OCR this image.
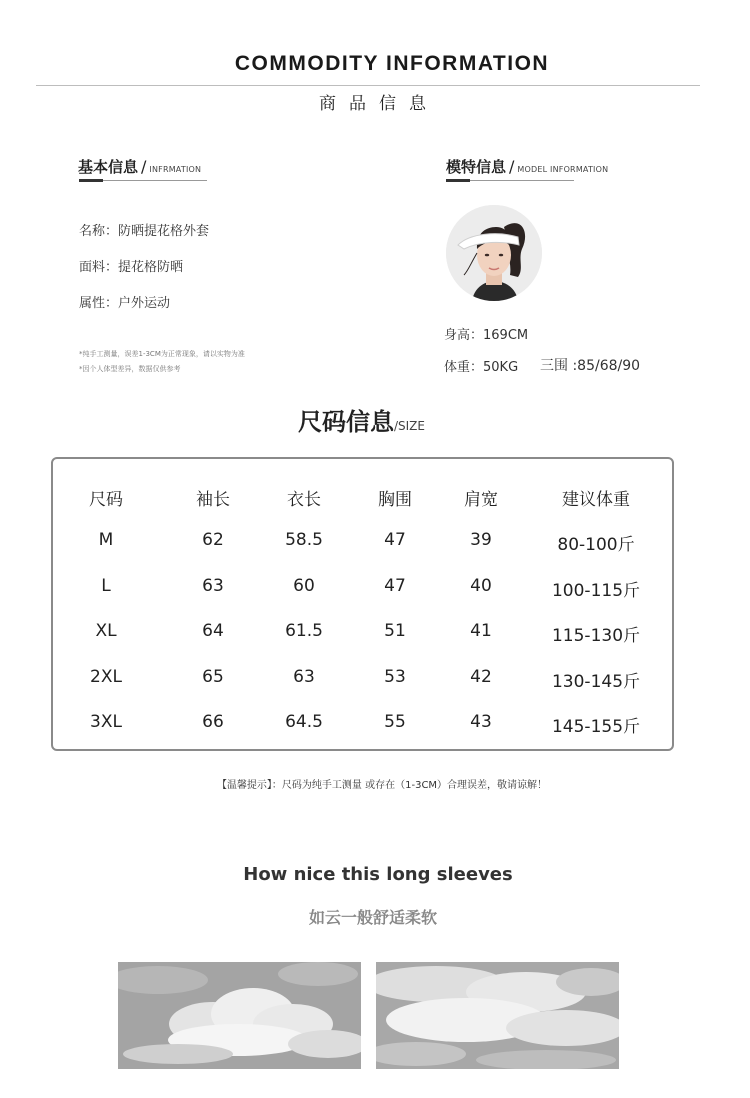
COMMODITY INFORMATION
商品信息
基本信息 / INFRMATION
名称：防晒提花格外套
面料：提花格防晒
属性：户外运动
*纯手工测量，误差1-3CM为正常现象，请以实物为准
*因个人体型差异，数据仅供参考
模特信息 / MODEL INFORMATION
身高：169CM
体重：50KG 三围 :85/68/90
尺码信息/SIZE
尺码	袖长	衣长	胸围	肩宽	建议体重
M	62	58.5	47	39	80-100斤
L	63	60	47	40	100-115斤
XL	64	61.5	51	41	115-130斤
2XL	65	63	53	42	130-145斤
3XL	66	64.5	55	43	145-155斤
【温馨提示】：尺码为纯手工测量 或存在（1-3CM）合理误差，敬请谅解！
How nice this long sleeves
如云一般舒适柔软
